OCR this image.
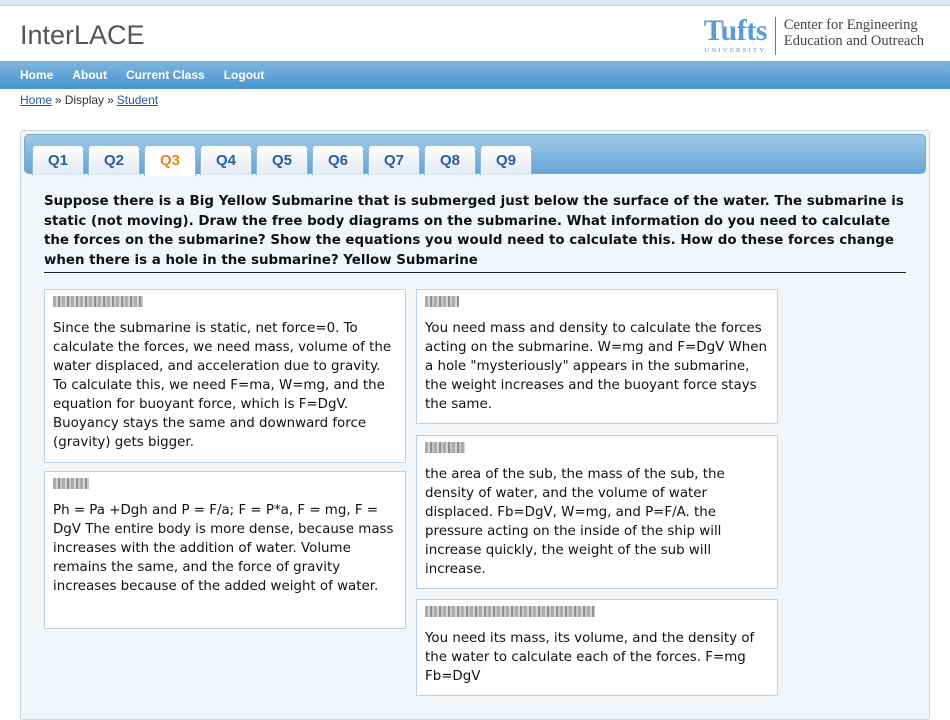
InterLACE	Tufts
UNIVERSITY
Center for Engineering
Education and Outreach
Home About Current Class Logout
Home » Display » Student
Q1	Q2	Q3	Q4	Q5	Q6	Q7	Q8	Q9
Suppose there is a Big Yellow Submarine that is submerged just below the surface of the water. The submarine is static (not moving). Draw the free body diagrams on the submarine. What information do you need to calculate the forces on the submarine? Show the equations you would need to calculate this. How do these forces change when there is a hole in the submarine? Yellow Submarine
Since the submarine is static, net force=0. To calculate the forces, we need mass, volume of the water displaced, and acceleration due to gravity. To calculate this, we need F=ma, W=mg, and the equation for buoyant force, which is F=DgV. Buoyancy stays the same and downward force (gravity) gets bigger.
Ph = Pa +Dgh and P = F/a; F = P*a, F = mg, F = DgV The entire body is more dense, because mass increases with the addition of water. Volume remains the same, and the force of gravity increases because of the added weight of water.
You need mass and density to calculate the forces acting on the submarine. W=mg and F=DgV When a hole "mysteriously" appears in the submarine, the weight increases and the buoyant force stays the same.
the area of the sub, the mass of the sub, the density of water, and the volume of water displaced. Fb=DgV, W=mg, and P=F/A. the pressure acting on the inside of the ship will increase quickly, the weight of the sub will increase.
You need its mass, its volume, and the density of the water to calculate each of the forces. F=mg Fb=DgV
